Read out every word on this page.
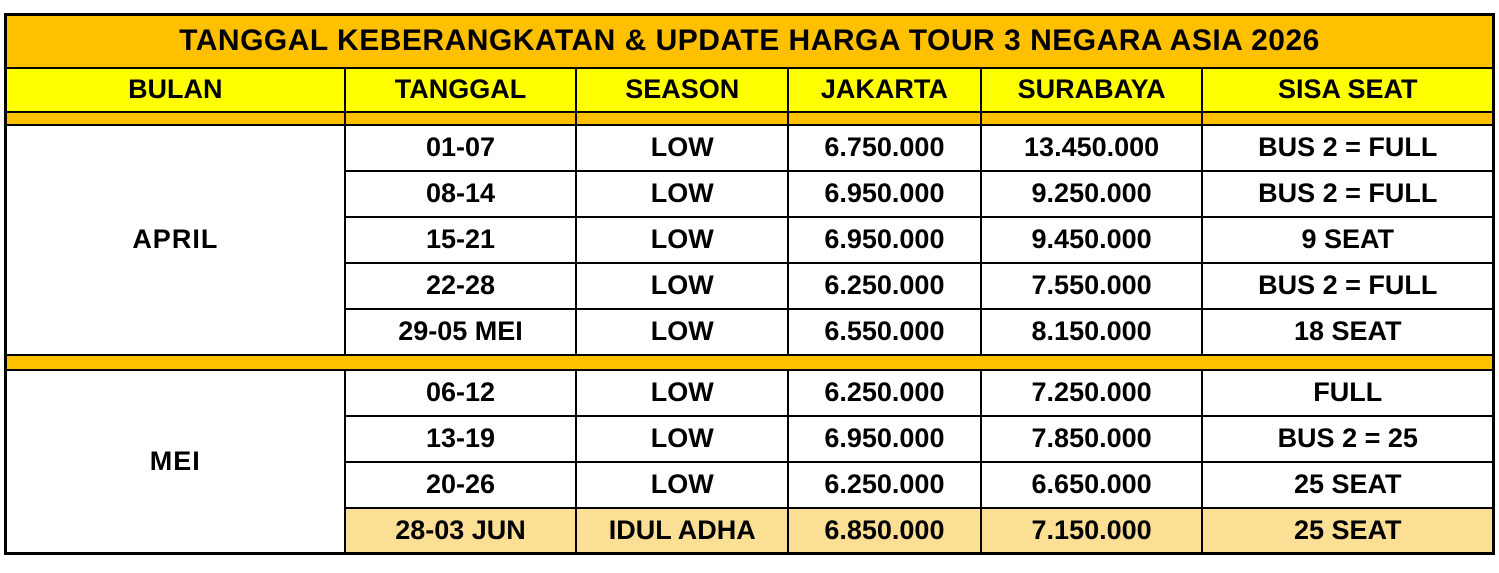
TANGGAL KEBERANGKATAN & UPDATE HARGA TOUR 3 NEGARA ASIA 2026					
BULAN	TANGGAL	SEASON	JAKARTA	SURABAYA	SISA SEAT

APRIL	01-07	LOW	6.750.000	13.450.000	BUS 2 = FULL
	08-14	LOW	6.950.000	9.250.000	BUS 2 = FULL
	15-21	LOW	6.950.000	9.450.000	9 SEAT
	22-28	LOW	6.250.000	7.550.000	BUS 2 = FULL
	29-05 MEI	LOW	6.550.000	8.150.000	18 SEAT

MEI	06-12	LOW	6.250.000	7.250.000	FULL
	13-19	LOW	6.950.000	7.850.000	BUS 2 = 25
	20-26	LOW	6.250.000	6.650.000	25 SEAT
	28-03 JUN	IDUL ADHA	6.850.000	7.150.000	25 SEAT
